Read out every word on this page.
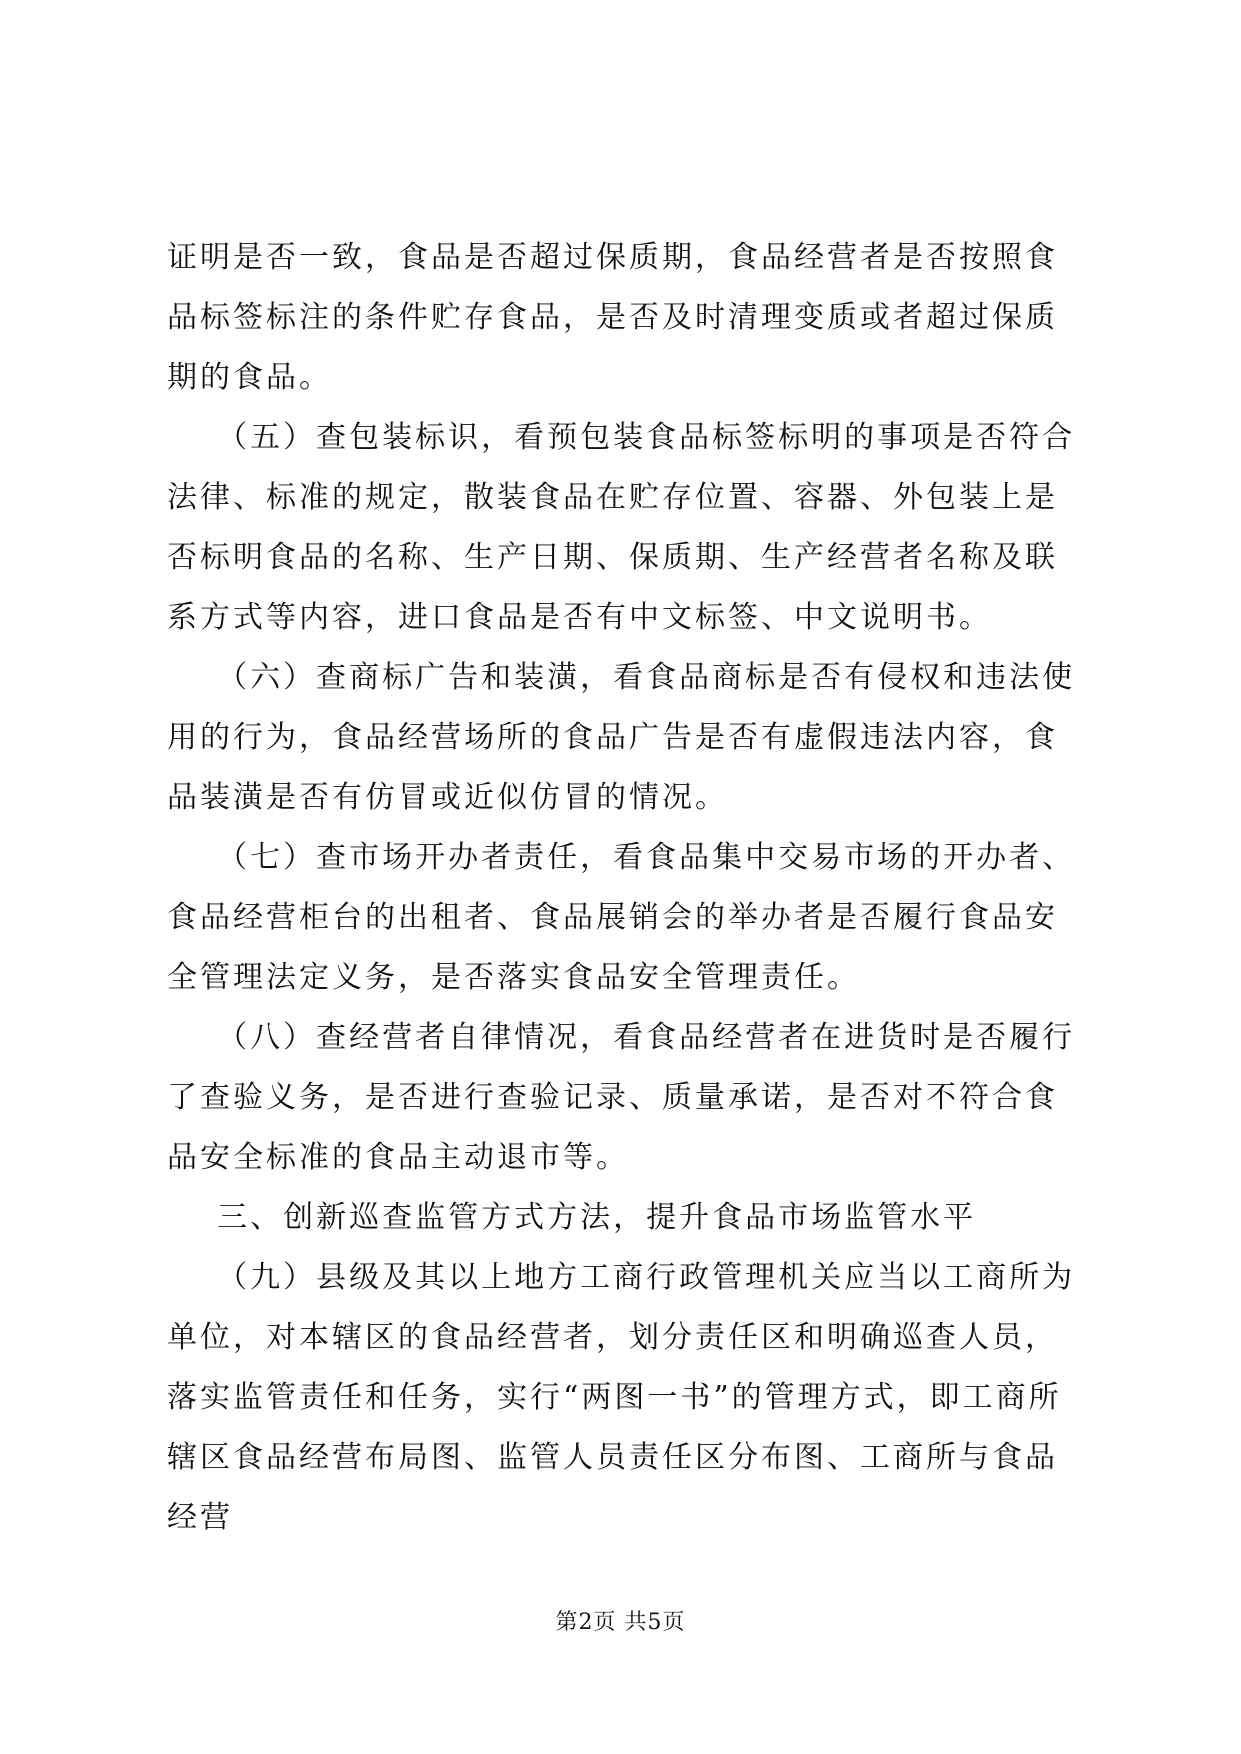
证明是否一致，食品是否超过保质期，食品经营者是否按照食品标签标注的条件贮存食品，是否及时清理变质或者超过保质期的食品。

（五）查包装标识，看预包装食品标签标明的事项是否符合法律、标准的规定，散装食品在贮存位置、容器、外包装上是否标明食品的名称、生产日期、保质期、生产经营者名称及联系方式等内容，进口食品是否有中文标签、中文说明书。

（六）查商标广告和装潢，看食品商标是否有侵权和违法使用的行为，食品经营场所的食品广告是否有虚假违法内容，食品装潢是否有仿冒或近似仿冒的情况。

（七）查市场开办者责任，看食品集中交易市场的开办者、食品经营柜台的出租者、食品展销会的举办者是否履行食品安全管理法定义务，是否落实食品安全管理责任。

（八）查经营者自律情况，看食品经营者在进货时是否履行了查验义务，是否进行查验记录、质量承诺，是否对不符合食品安全标准的食品主动退市等。

三、创新巡查监管方式方法，提升食品市场监管水平

（九）县级及其以上地方工商行政管理机关应当以工商所为单位，对本辖区的食品经营者，划分责任区和明确巡查人员，落实监管责任和任务，实行“两图一书”的管理方式，即工商所辖区食品经营布局图、监管人员责任区分布图、工商所与食品经营

第2页 共5页
